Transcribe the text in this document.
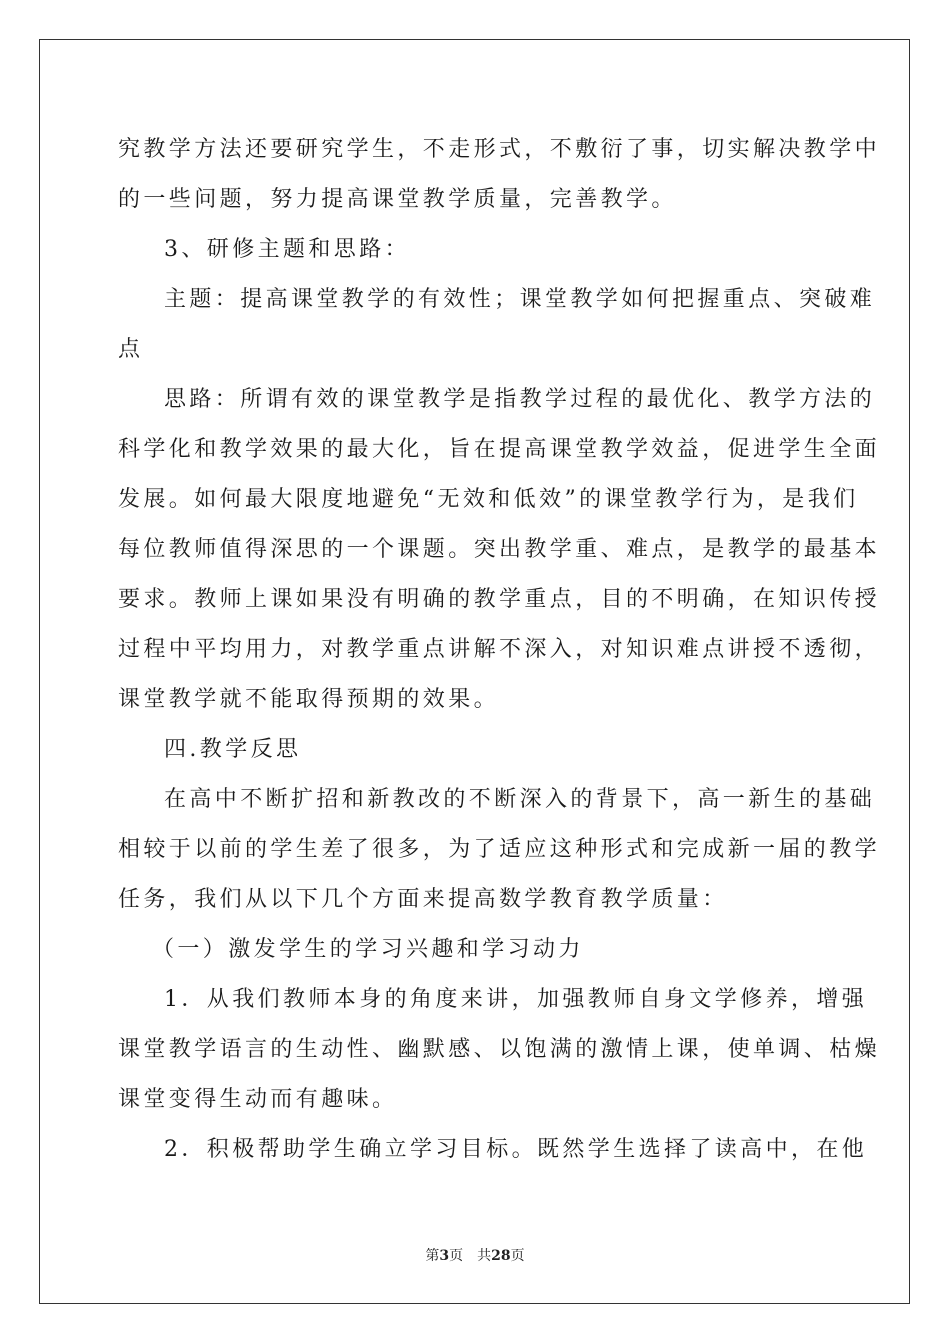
究教学方法还要研究学生，不走形式，不敷衍了事，切实解决教学中
的一些问题，努力提高课堂教学质量，完善教学。
3、研修主题和思路：
主题：提高课堂教学的有效性；课堂教学如何把握重点、突破难
点
思路：所谓有效的课堂教学是指教学过程的最优化、教学方法的
科学化和教学效果的最大化，旨在提高课堂教学效益，促进学生全面
发展。如何最大限度地避免“无效和低效”的课堂教学行为，是我们
每位教师值得深思的一个课题。突出教学重、难点，是教学的最基本
要求。教师上课如果没有明确的教学重点，目的不明确，在知识传授
过程中平均用力，对教学重点讲解不深入，对知识难点讲授不透彻，
课堂教学就不能取得预期的效果。
四.教学反思
在高中不断扩招和新教改的不断深入的背景下，高一新生的基础
相较于以前的学生差了很多，为了适应这种形式和完成新一届的教学
任务，我们从以下几个方面来提高数学教育教学质量：
（一）激发学生的学习兴趣和学习动力
1．从我们教师本身的角度来讲，加强教师自身文学修养，增强
课堂教学语言的生动性、幽默感、以饱满的激情上课，使单调、枯燥
课堂变得生动而有趣味。
2．积极帮助学生确立学习目标。既然学生选择了读高中，在他
第3页　共28页
